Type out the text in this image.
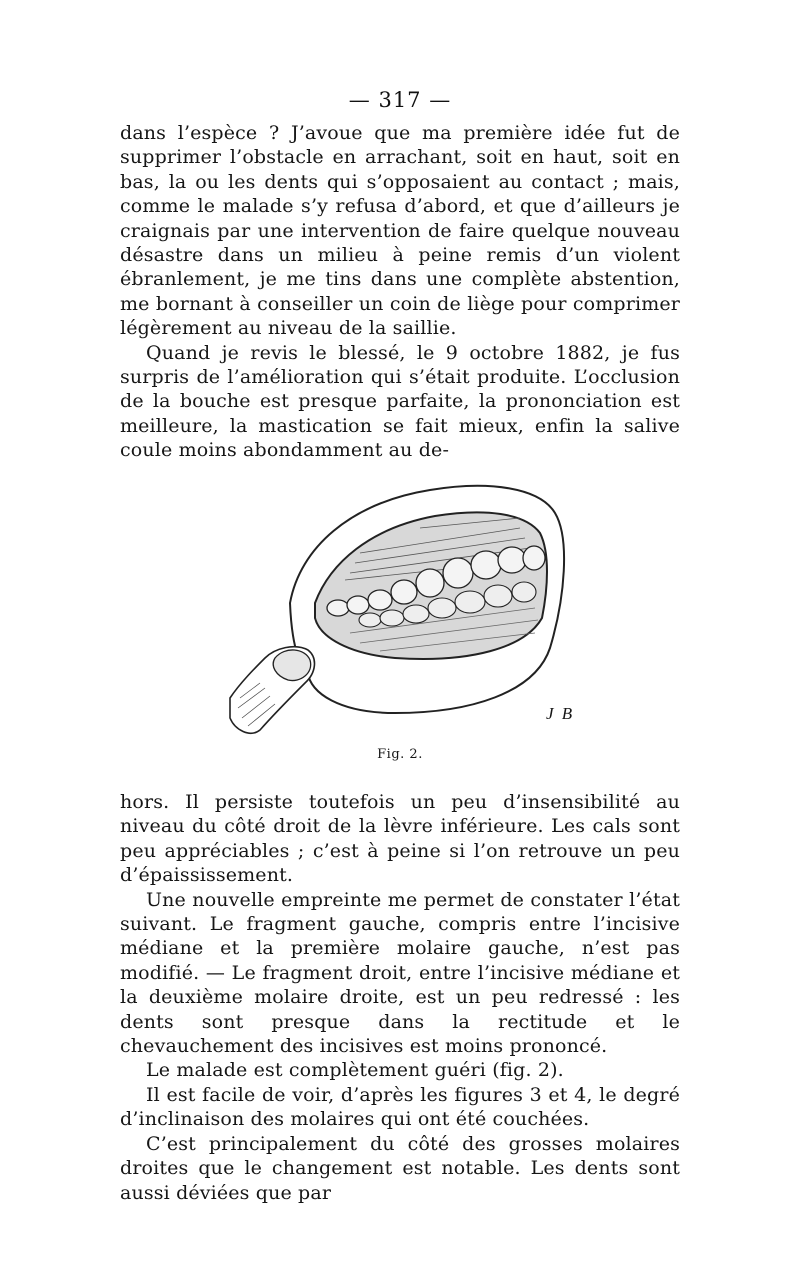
— 317 —

dans l’espèce ? J’avoue que ma première idée fut de supprimer l’obstacle en arrachant, soit en haut, soit en bas, la ou les dents qui s’opposaient au contact ; mais, comme le malade s’y refusa d’abord, et que d’ailleurs je craignais par une intervention de faire quelque nouveau désastre dans un milieu à peine remis d’un violent ébranlement, je me tins dans une complète abstention, me bornant à conseiller un coin de liège pour comprimer légèrement au niveau de la saillie.

Quand je revis le blessé, le 9 octobre 1882, je fus surpris de l’amélioration qui s’était produite. L’occlusion de la bouche est presque parfaite, la prononciation est meilleure, la mastication se fait mieux, enfin la salive coule moins abondamment au de-

J B
Fig. 2.

hors. Il persiste toutefois un peu d’insensibilité au niveau du côté droit de la lèvre inférieure. Les cals sont peu appréciables ; c’est à peine si l’on retrouve un peu d’épaississement.

Une nouvelle empreinte me permet de constater l’état suivant. Le fragment gauche, compris entre l’incisive médiane et la première molaire gauche, n’est pas modifié. — Le fragment droit, entre l’incisive médiane et la deuxième molaire droite, est un peu redressé : les dents sont presque dans la rectitude et le chevauchement des incisives est moins prononcé.

Le malade est complètement guéri (fig. 2).

Il est facile de voir, d’après les figures 3 et 4, le degré d’inclinaison des molaires qui ont été couchées.

C’est principalement du côté des grosses molaires droites que le changement est notable. Les dents sont aussi déviées que par
